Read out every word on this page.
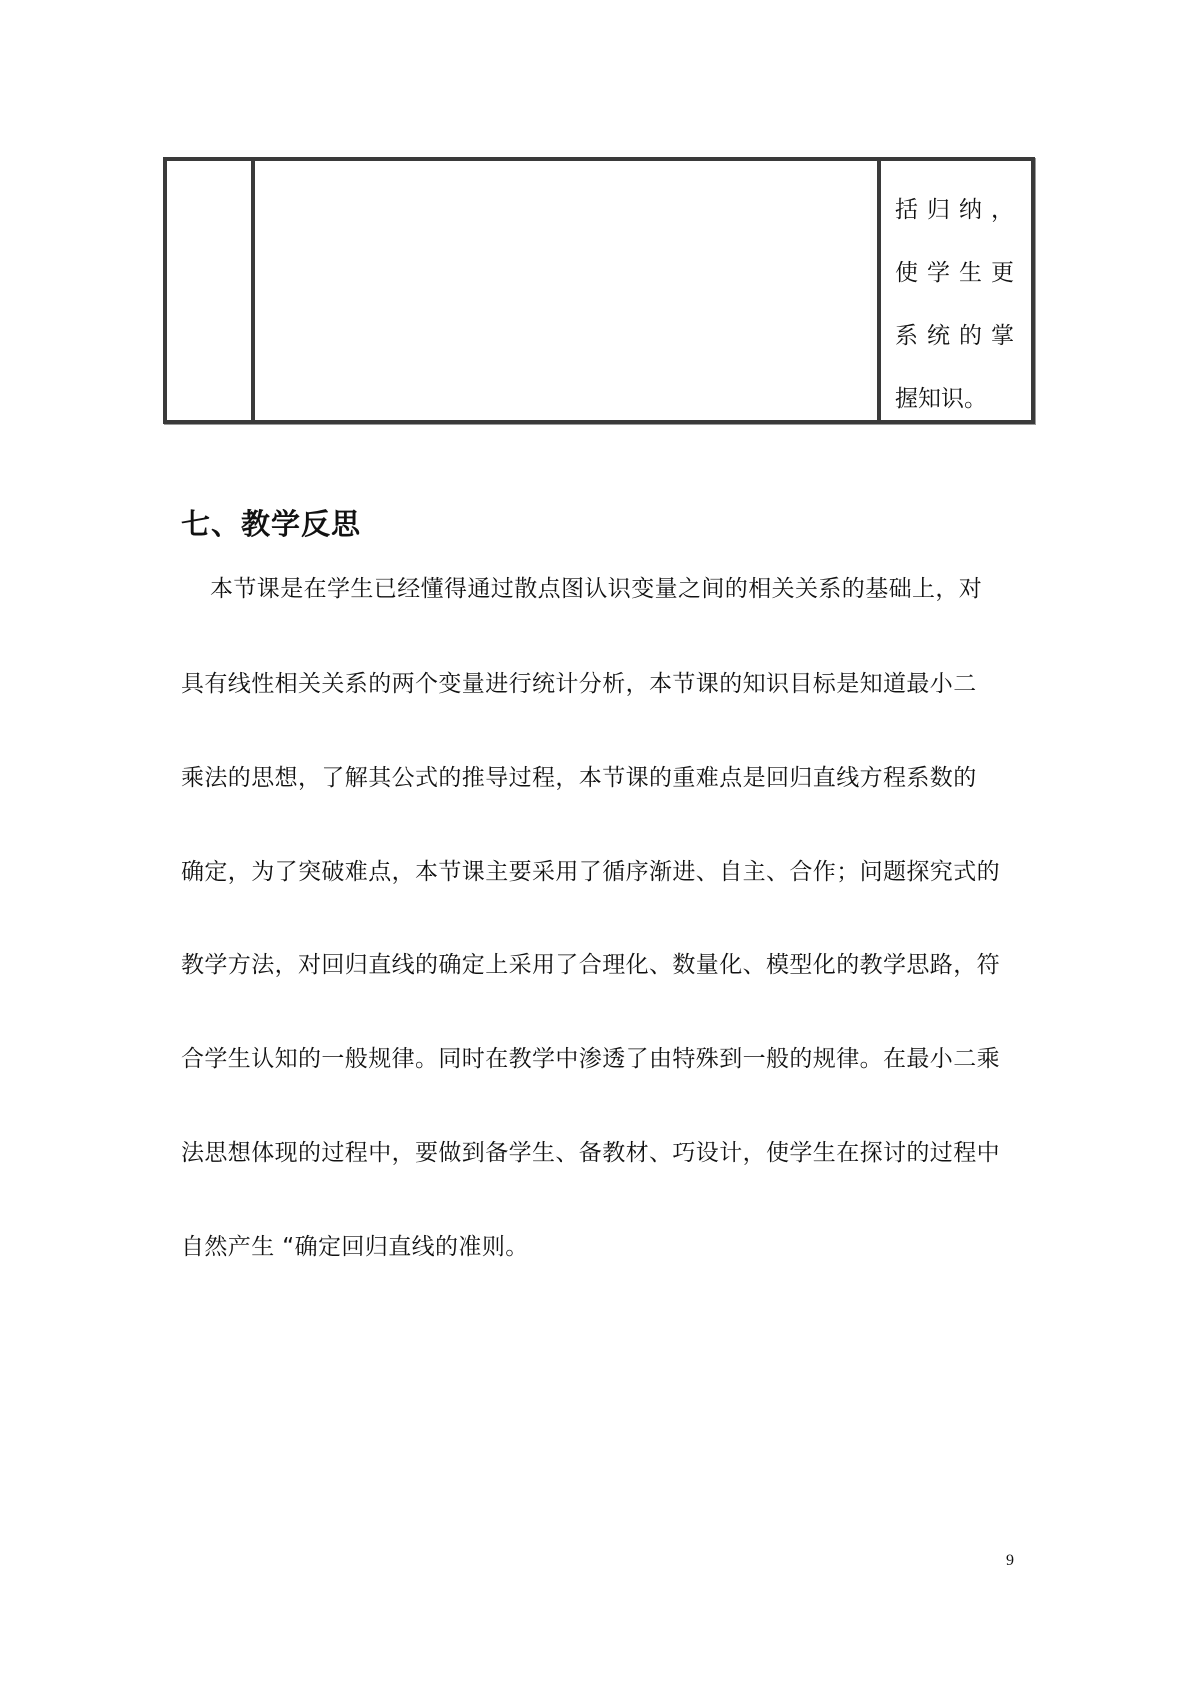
括归纳，

使学生更

系统的掌

握知识。

七、教学反思

本节课是在学生已经懂得通过散点图认识变量之间的相关关系的基础上，对

具有线性相关关系的两个变量进行统计分析，本节课的知识目标是知道最小二

乘法的思想，了解其公式的推导过程，本节课的重难点是回归直线方程系数的

确定，为了突破难点，本节课主要采用了循序渐进、自主、合作；问题探究式的

教学方法，对回归直线的确定上采用了合理化、数量化、模型化的教学思路，符

合学生认知的一般规律。同时在教学中渗透了由特殊到一般的规律。在最小二乘

法思想体现的过程中，要做到备学生、备教材、巧设计，使学生在探讨的过程中

自然产生 “确定回归直线的准则。

9
